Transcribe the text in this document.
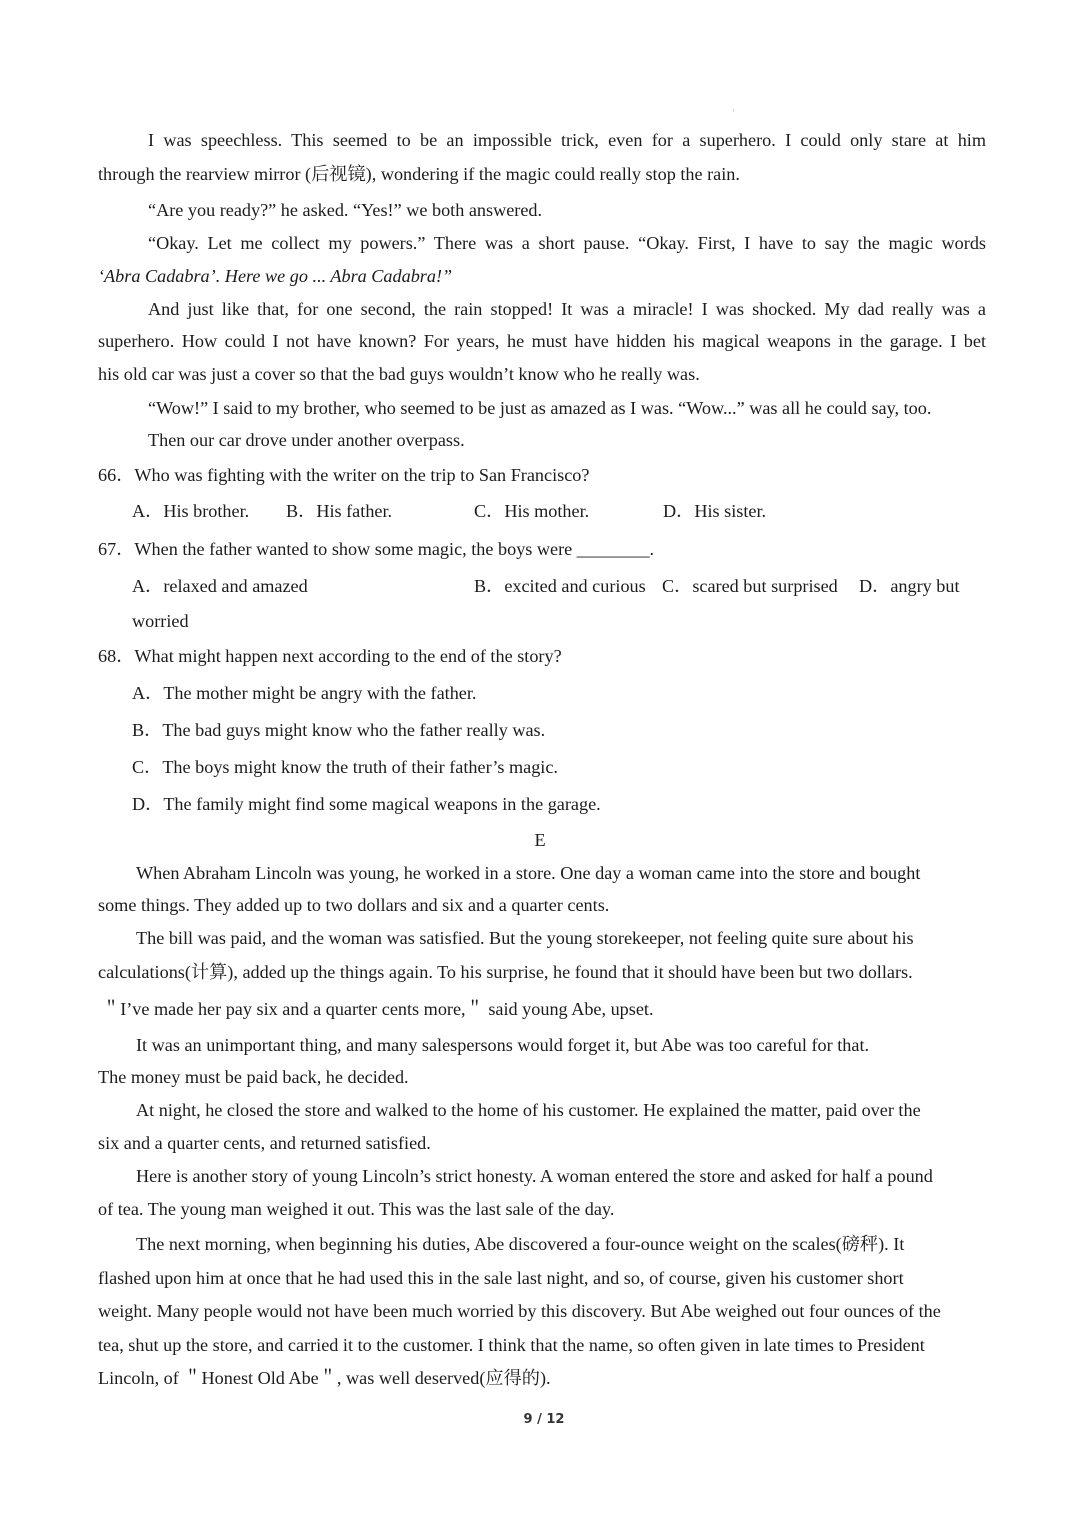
'
I was speechless. This seemed to be an impossible trick, even for a superhero. I could only stare at him
through the rearview mirror (后视镜), wondering if the magic could really stop the rain.
“Are you ready?” he asked. “Yes!” we both answered.
“Okay. Let me collect my powers.” There was a short pause. “Okay. First, I have to say the magic words
‘Abra Cadabra’. Here we go ... Abra Cadabra!”
And just like that, for one second, the rain stopped! It was a miracle! I was shocked. My dad really was a
superhero. How could I not have known? For years, he must have hidden his magical weapons in the garage. I bet
his old car was just a cover so that the bad guys wouldn’t know who he really was.
“Wow!” I said to my brother, who seemed to be just as amazed as I was. “Wow...” was all he could say, too.
Then our car drove under another overpass.
66．Who was fighting with the writer on the trip to San Francisco?
A．His brother. B．His father.	C．His mother.	D．His sister.
67．When the father wanted to show some magic, the boys were ________.
A．relaxed and amazed	B．excited and curious C．scared but surprised D．angry but
worried
68．What might happen next according to the end of the story?
A．The mother might be angry with the father.
B．The bad guys might know who the father really was.
C．The boys might know the truth of their father’s magic.
D．The family might find some magical weapons in the garage.
E
When Abraham Lincoln was young, he worked in a store. One day a woman came into the store and bought
some things. They added up to two dollars and six and a quarter cents.
The bill was paid, and the woman was satisfied. But the young storekeeper, not feeling quite sure about his
calculations(计算), added up the things again. To his surprise, he found that it should have been but two dollars.
＂I’ve made her pay six and a quarter cents more,＂ said young Abe, upset.
It was an unimportant thing, and many salespersons would forget it, but Abe was too careful for that.
The money must be paid back, he decided.
At night, he closed the store and walked to the home of his customer. He explained the matter, paid over the
six and a quarter cents, and returned satisfied.
Here is another story of young Lincoln’s strict honesty. A woman entered the store and asked for half a pound
of tea. The young man weighed it out. This was the last sale of the day.
The next morning, when beginning his duties, Abe discovered a four-ounce weight on the scales(磅秤). It
flashed upon him at once that he had used this in the sale last night, and so, of course, given his customer short
weight. Many people would not have been much worried by this discovery. But Abe weighed out four ounces of the
tea, shut up the store, and carried it to the customer. I think that the name, so often given in late times to President
Lincoln, of ＂Honest Old Abe＂, was well deserved(应得的).
9 / 12
